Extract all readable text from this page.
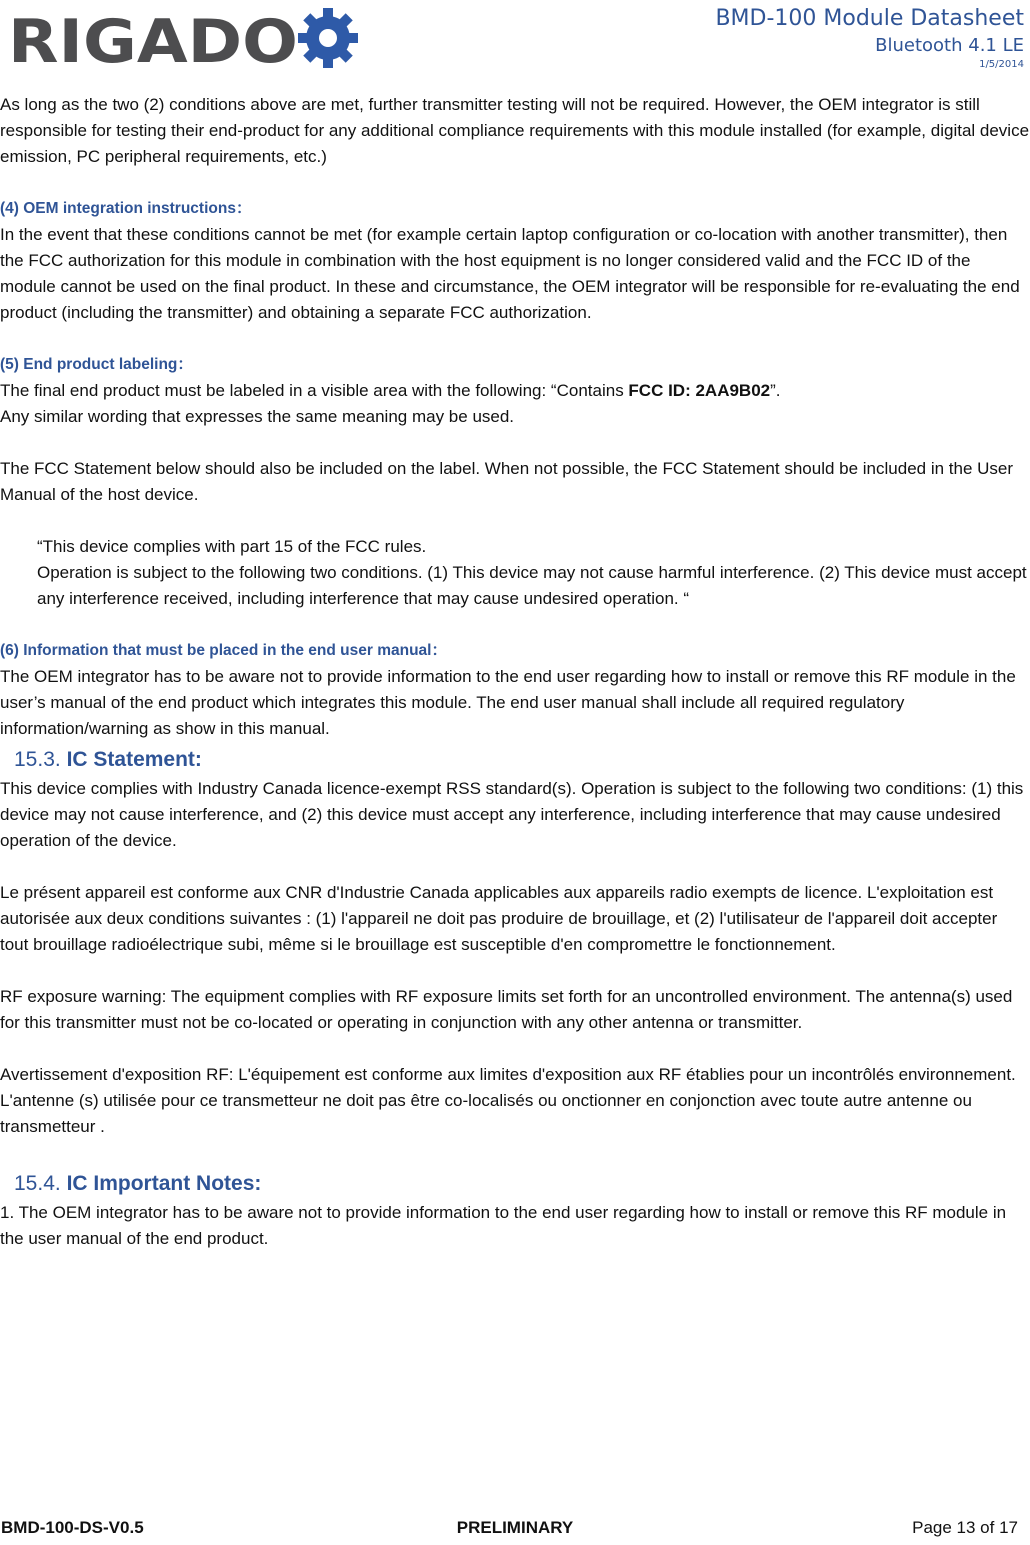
RIGADO	BMD-100 Module Datasheet
Bluetooth 4.1 LE
1/5/2014

As long as the two (2) conditions above are met, further transmitter testing will not be required. However, the OEM integrator is still responsible for testing their end-product for any additional compliance requirements with this module installed (for example, digital device emission, PC peripheral requirements, etc.)

(4) OEM integration instructions：

In the event that these conditions cannot be met (for example certain laptop configuration or co-location with another transmitter), then the FCC authorization for this module in combination with the host equipment is no longer considered valid and the FCC ID of the module cannot be used on the final product. In these and circumstance, the OEM integrator will be responsible for re-evaluating the end product (including the transmitter) and obtaining a separate FCC authorization.

(5) End product labeling：

The final end product must be labeled in a visible area with the following: “Contains FCC ID: 2AA9B02”.

Any similar wording that expresses the same meaning may be used.

The FCC Statement below should also be included on the label. When not possible, the FCC Statement should be included in the User Manual of the host device.

“This device complies with part 15 of the FCC rules.

Operation is subject to the following two conditions. (1) This device may not cause harmful interference. (2) This device must accept any interference received, including interference that may cause undesired operation. “

(6) Information that must be placed in the end user manual：

The OEM integrator has to be aware not to provide information to the end user regarding how to install or remove this RF module in the user’s manual of the end product which integrates this module. The end user manual shall include all required regulatory information/warning as show in this manual.

15.3. IC Statement:

This device complies with Industry Canada licence-exempt RSS standard(s). Operation is subject to the following two conditions: (1) this device may not cause interference, and (2) this device must accept any interference, including interference that may cause undesired operation of the device.

Le présent appareil est conforme aux CNR d'Industrie Canada applicables aux appareils radio exempts de licence. L'exploitation est autorisée aux deux conditions suivantes : (1) l'appareil ne doit pas produire de brouillage, et (2) l'utilisateur de l'appareil doit accepter tout brouillage radioélectrique subi, même si le brouillage est susceptible d'en compromettre le fonctionnement.

RF exposure warning: The equipment complies with RF exposure limits set forth for an uncontrolled environment. The antenna(s) used for this transmitter must not be co-located or operating in conjunction with any other antenna or transmitter.

Avertissement d'exposition RF: L'équipement est conforme aux limites d'exposition aux RF établies pour un incontrôlés environnement. L'antenne (s) utilisée pour ce transmetteur ne doit pas être co-localisés ou onctionner en conjonction avec toute autre antenne ou transmetteur .

15.4. IC Important Notes:

1. The OEM integrator has to be aware not to provide information to the end user regarding how to install or remove this RF module in the user manual of the end product.

BMD-100-DS-V0.5	PRELIMINARY	Page 13 of 17
